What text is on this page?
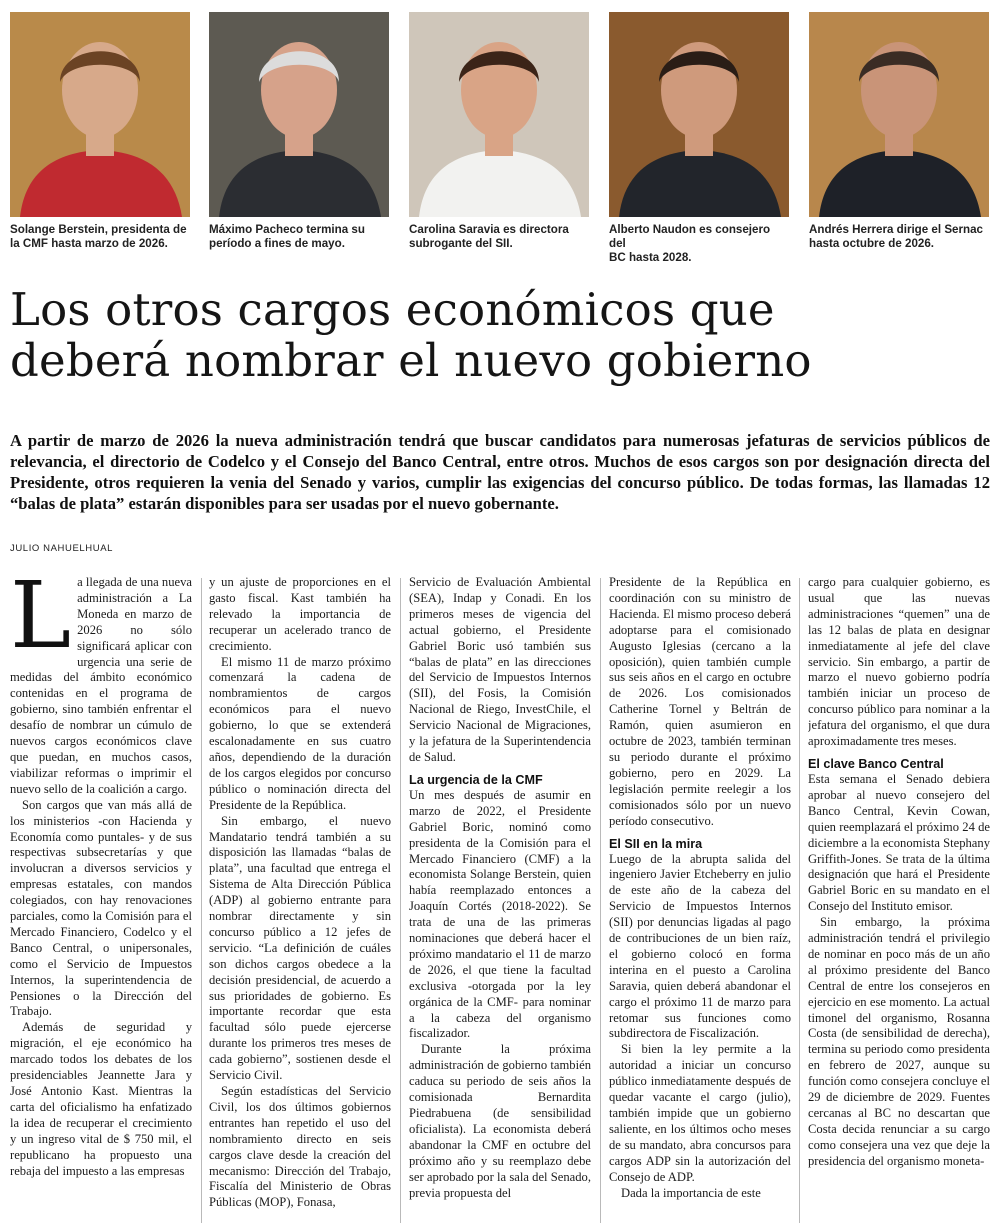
Solange Berstein, presidenta de
la CMF hasta marzo de 2026.
Máximo Pacheco termina su
período a fines de mayo.
Carolina Saravia es directora
subrogante del SII.
Alberto Naudon es consejero del
BC hasta 2028.
Andrés Herrera dirige el Sernac
hasta octubre de 2026.
Los otros cargos económicos que
deberá nombrar el nuevo gobierno

A partir de marzo de 2026 la nueva administración tendrá que buscar candidatos para numerosas jefaturas de servicios públicos de relevancia, el directorio de Codelco y el Consejo del Banco Central, entre otros. Muchos de esos cargos son por designación directa del Presidente, otros requieren la venia del Senado y varios, cumplir las exigencias del concurso público. De todas formas, las llamadas 12 “balas de plata” estarán disponibles para ser usadas por el nuevo gobernante.

JULIO NAHUELHUAL
L a llegada de una nueva administración a La Moneda en marzo de 2026 no sólo significará aplicar con urgencia una serie de medidas del ámbito económico contenidas en el programa de gobierno, sino también enfrentar el desafío de nombrar un cúmulo de nuevos cargos económicos clave que puedan, en muchos casos, viabilizar reformas o imprimir el nuevo sello de la coalición a cargo.

Son cargos que van más allá de los ministerios -con Hacienda y Economía como puntales- y de sus respectivas subsecretarías y que involucran a diversos servicios y empresas estatales, con mandos colegiados, con hay renovaciones parciales, como la Comisión para el Mercado Financiero, Codelco y el Banco Central, o unipersonales, como el Servicio de Impuestos Internos, la superintendencia de Pensiones o la Dirección del Trabajo.

Además de seguridad y migración, el eje económico ha marcado todos los debates de los presidenciables Jeannette Jara y José Antonio Kast. Mientras la carta del oficialismo ha enfatizado la idea de recuperar el crecimiento y un ingreso vital de $ 750 mil, el republicano ha propuesto una rebaja del impuesto a las empresas

y un ajuste de proporciones en el gasto fiscal. Kast también ha relevado la importancia de recuperar un acelerado tranco de crecimiento.

El mismo 11 de marzo próximo comenzará la cadena de nombramientos de cargos económicos para el nuevo gobierno, lo que se extenderá escalonadamente en sus cuatro años, dependiendo de la duración de los cargos elegidos por concurso público o nominación directa del Presidente de la República.

Sin embargo, el nuevo Mandatario tendrá también a su disposición las llamadas “balas de plata”, una facultad que entrega el Sistema de Alta Dirección Pública (ADP) al gobierno entrante para nombrar directamente y sin concurso público a 12 jefes de servicio. “La definición de cuáles son dichos cargos obedece a la decisión presidencial, de acuerdo a sus prioridades de gobierno. Es importante recordar que esta facultad sólo puede ejercerse durante los primeros tres meses de cada gobierno”, sostienen desde el Servicio Civil.

Según estadísticas del Servicio Civil, los dos últimos gobiernos entrantes han repetido el uso del nombramiento directo en seis cargos clave desde la creación del mecanismo: Dirección del Trabajo, Fiscalía del Ministerio de Obras Públicas (MOP), Fonasa,

Servicio de Evaluación Ambiental (SEA), Indap y Conadi. En los primeros meses de vigencia del actual gobierno, el Presidente Gabriel Boric usó también sus “balas de plata” en las direcciones del Servicio de Impuestos Internos (SII), del Fosis, la Comisión Nacional de Riego, InvestChile, el Servicio Nacional de Migraciones, y la jefatura de la Superintendencia de Salud.

La urgencia de la CMF

Un mes después de asumir en marzo de 2022, el Presidente Gabriel Boric, nominó como presidenta de la Comisión para el Mercado Financiero (CMF) a la economista Solange Berstein, quien había reemplazado entonces a Joaquín Cortés (2018-2022). Se trata de una de las primeras nominaciones que deberá hacer el próximo mandatario el 11 de marzo de 2026, el que tiene la facultad exclusiva -otorgada por la ley orgánica de la CMF- para nominar a la cabeza del organismo fiscalizador.

Durante la próxima administración de gobierno también caduca su periodo de seis años la comisionada Bernardita Piedrabuena (de sensibilidad oficialista). La economista deberá abandonar la CMF en octubre del próximo año y su reemplazo debe ser aprobado por la sala del Senado, previa propuesta del

Presidente de la República en coordinación con su ministro de Hacienda. El mismo proceso deberá adoptarse para el comisionado Augusto Iglesias (cercano a la oposición), quien también cumple sus seis años en el cargo en octubre de 2026. Los comisionados Catherine Tornel y Beltrán de Ramón, quien asumieron en octubre de 2023, también terminan su periodo durante el próximo gobierno, pero en 2029. La legislación permite reelegir a los comisionados sólo por un nuevo período consecutivo.

El SII en la mira

Luego de la abrupta salida del ingeniero Javier Etcheberry en julio de este año de la cabeza del Servicio de Impuestos Internos (SII) por denuncias ligadas al pago de contribuciones de un bien raíz, el gobierno colocó en forma interina en el puesto a Carolina Saravia, quien deberá abandonar el cargo el próximo 11 de marzo para retomar sus funciones como subdirectora de Fiscalización.

Si bien la ley permite a la autoridad a iniciar un concurso público inmediatamente después de quedar vacante el cargo (julio), también impide que un gobierno saliente, en los últimos ocho meses de su mandato, abra concursos para cargos ADP sin la autorización del Consejo de ADP.

Dada la importancia de este

cargo para cualquier gobierno, es usual que las nuevas administraciones “quemen” una de las 12 balas de plata en designar inmediatamente al jefe del clave servicio. Sin embargo, a partir de marzo el nuevo gobierno podría también iniciar un proceso de concurso público para nominar a la jefatura del organismo, el que dura aproximadamente tres meses.

El clave Banco Central

Esta semana el Senado debiera aprobar al nuevo consejero del Banco Central, Kevin Cowan, quien reemplazará el próximo 24 de diciembre a la economista Stephany Griffith-Jones. Se trata de la última designación que hará el Presidente Gabriel Boric en su mandato en el Consejo del Instituto emisor.

Sin embargo, la próxima administración tendrá el privilegio de nominar en poco más de un año al próximo presidente del Banco Central de entre los consejeros en ejercicio en ese momento. La actual timonel del organismo, Rosanna Costa (de sensibilidad de derecha), termina su periodo como presidenta en febrero de 2027, aunque su función como consejera concluye el 29 de diciembre de 2029. Fuentes cercanas al BC no descartan que Costa decida renunciar a su cargo como consejera una vez que deje la presidencia del organismo moneta-
